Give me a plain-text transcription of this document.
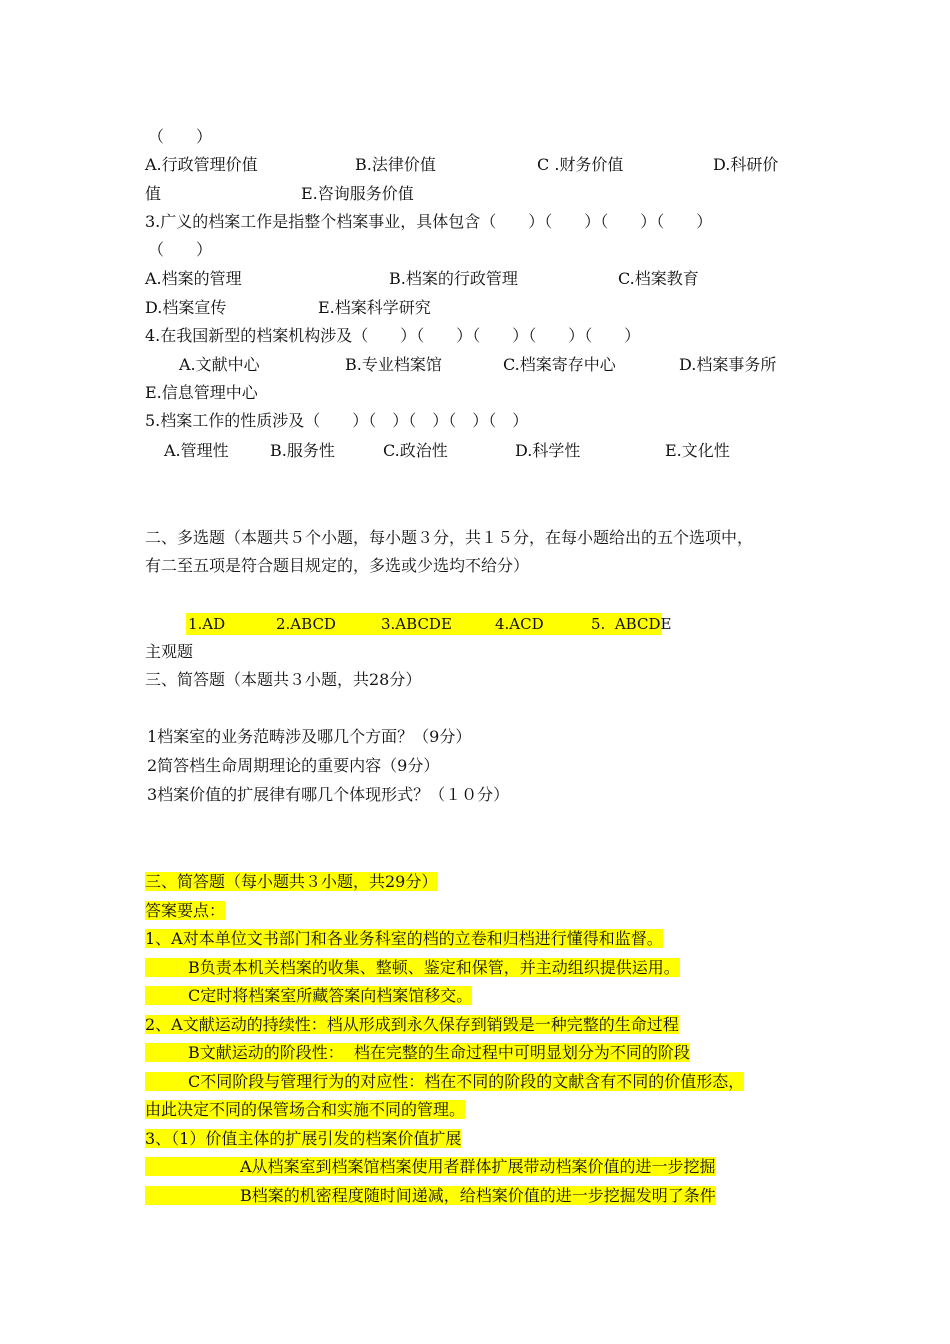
（　　）
A.行政管理价值	B.法律价值	C .财务价值	D.科研价
值	E.咨询服务价值
3.广义的档案工作是指整个档案事业，具体包含（　　）（　　）（　　）（　　）
（　　）
A.档案的管理	B.档案的行政管理	C.档案教育
D.档案宣传	E.档案科学研究
4.在我国新型的档案机构涉及（　　）（　　）（　　）（　　）（　　）
A.文献中心	B.专业档案馆	C.档案寄存中心	D.档案事务所
E.信息管理中心
5.档案工作的性质涉及（　　）（　）（　）（　）（　）
A.管理性	B.服务性	C.政治性	D.科学性	E.文化性
二、多选题（本题共５个小题，每小题３分，共１５分，在每小题给出的五个选项中，
有二至五项是符合题目规定的，多选或少选均不给分）
1.AD	2.ABCD	3.ABCDE	4.ACD	5.  ABCDE
主观题
三、简答题（本题共３小题，共28分）
1档案室的业务范畴涉及哪几个方面？（9分）
2简答档生命周期理论的重要内容（9分）
3档案价值的扩展律有哪几个体现形式？（１０分）
三、简答题（每小题共３小题，共29分）
答案要点：
1、A对本单位文书部门和各业务科室的档的立卷和归档进行懂得和监督。
B负责本机关档案的收集、整顿、鉴定和保管，并主动组织提供运用。
C定时将档案室所藏答案向档案馆移交。
2、A文献运动的持续性：档从形成到永久保存到销毁是一种完整的生命过程
B文献运动的阶段性：  档在完整的生命过程中可明显划分为不同的阶段
C不同阶段与管理行为的对应性：档在不同的阶段的文献含有不同的价值形态，
由此决定不同的保管场合和实施不同的管理。
3、（1）价值主体的扩展引发的档案价值扩展
A从档案室到档案馆档案使用者群体扩展带动档案价值的进一步挖掘
B档案的机密程度随时间递减，给档案价值的进一步挖掘发明了条件
